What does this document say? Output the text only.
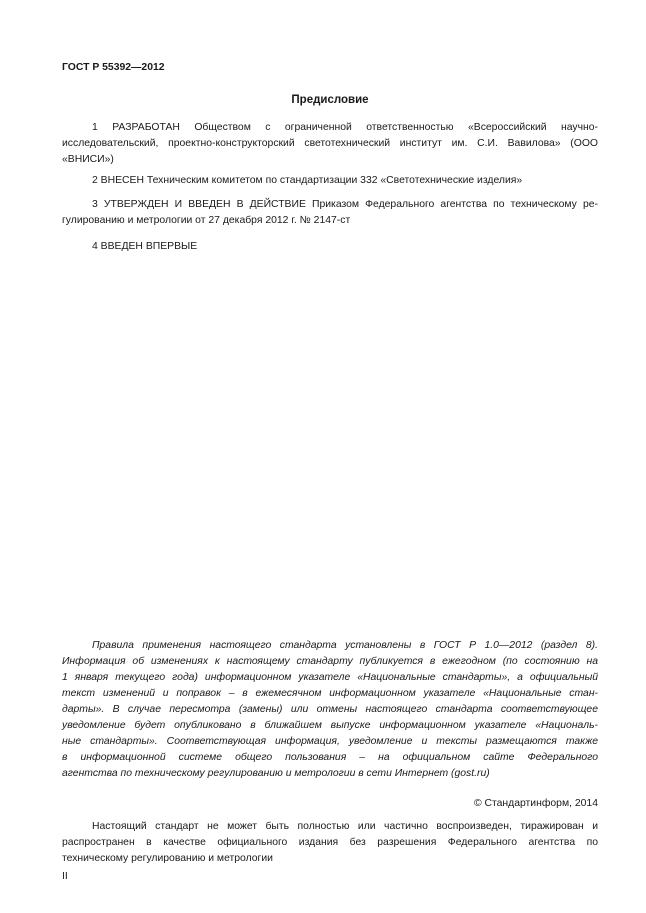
ГОСТ Р 55392—2012
Предисловие
1 РАЗРАБОТАН Обществом с ограниченной ответственностью «Всероссийский научно-
исследовательский, проектно-конструкторский светотехнический институт им. С.И. Вавилова» (ООО
«ВНИСИ»)
2 ВНЕСЕН Техническим комитетом по стандартизации 332 «Светотехнические изделия»
3 УТВЕРЖДЕН И ВВЕДЕН В ДЕЙСТВИЕ Приказом Федерального агентства по техническому ре-
гулированию и метрологии от 27 декабря 2012 г. № 2147-ст
4 ВВЕДЕН ВПЕРВЫЕ
Правила применения настоящего стандарта установлены в ГОСТ Р 1.0—2012 (раздел 8).
Информация об изменениях к настоящему стандарту публикуется в ежегодном (по состоянию на
1 января текущего года) информационном указателе «Национальные стандарты», а официальный
текст изменений и поправок – в ежемесячном информационном указателе «Национальные стан-
дарты». В случае пересмотра (замены) или отмены настоящего стандарта соответствующее
уведомление будет опубликовано в ближайшем выпуске информационном указателе «Националь-
ные стандарты». Соответствующая информация, уведомление и тексты размещаются также
в информационной системе общего пользования – на официальном сайте Федерального
агентства по техническому регулированию и метрологии в сети Интернет (gost.ru)
© Стандартинформ, 2014
Настоящий стандарт не может быть полностью или частично воспроизведен, тиражирован и
распространен в качестве официального издания без разрешения Федерального агентства по
техническому регулированию и метрологии
II
